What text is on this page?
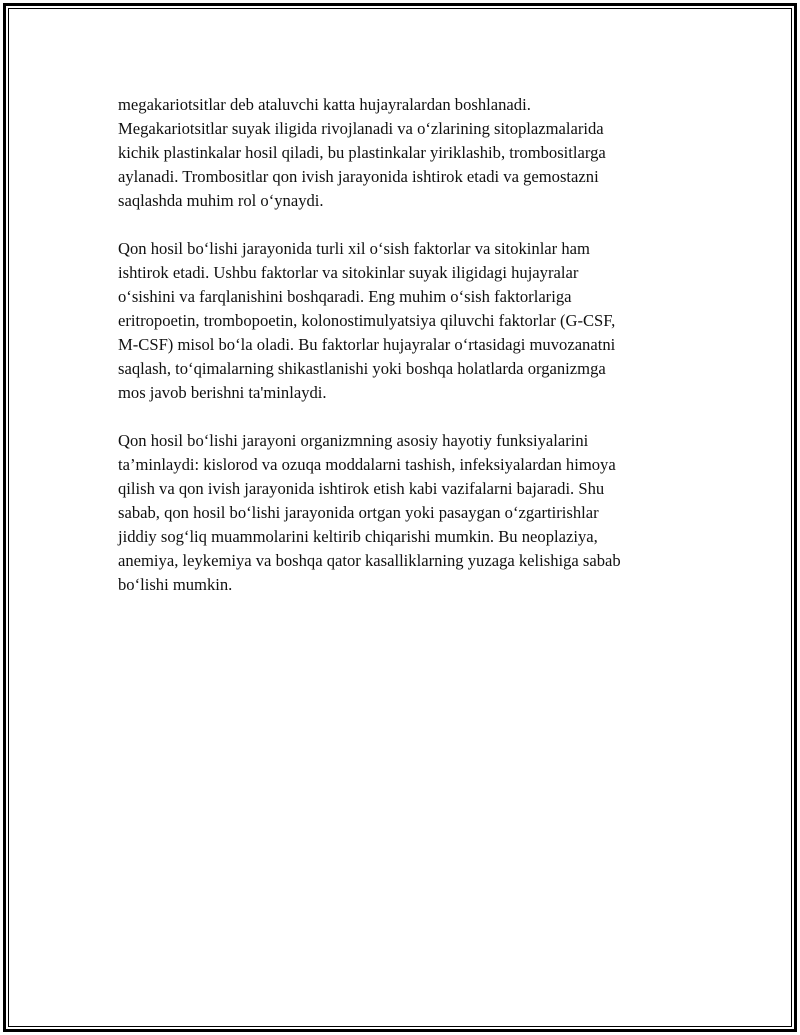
megakariotsitlar deb ataluvchi katta hujayralardan boshlanadi.
Megakariotsitlar suyak iligida rivojlanadi va o‘zlarining sitoplazmalarida
kichik plastinkalar hosil qiladi, bu plastinkalar yiriklashib, trombositlarga
aylanadi. Trombositlar qon ivish jarayonida ishtirok etadi va gemostazni
saqlashda muhim rol o‘ynaydi.

Qon hosil bo‘lishi jarayonida turli xil o‘sish faktorlar va sitokinlar ham
ishtirok etadi. Ushbu faktorlar va sitokinlar suyak iligidagi hujayralar
o‘sishini va farqlanishini boshqaradi. Eng muhim o‘sish faktorlariga
eritropoetin, trombopoetin, kolonostimulyatsiya qiluvchi faktorlar (G-CSF,
M-CSF) misol bo‘la oladi. Bu faktorlar hujayralar o‘rtasidagi muvozanatni
saqlash, to‘qimalarning shikastlanishi yoki boshqa holatlarda organizmga
mos javob berishni ta'minlaydi.

Qon hosil bo‘lishi jarayoni organizmning asosiy hayotiy funksiyalarini
ta’minlaydi: kislorod va ozuqa moddalarni tashish, infeksiyalardan himoya
qilish va qon ivish jarayonida ishtirok etish kabi vazifalarni bajaradi. Shu
sabab, qon hosil bo‘lishi jarayonida ortgan yoki pasaygan o‘zgartirishlar
jiddiy sog‘liq muammolarini keltirib chiqarishi mumkin. Bu neoplaziya,
anemiya, leykemiya va boshqa qator kasalliklarning yuzaga kelishiga sabab
bo‘lishi mumkin.
